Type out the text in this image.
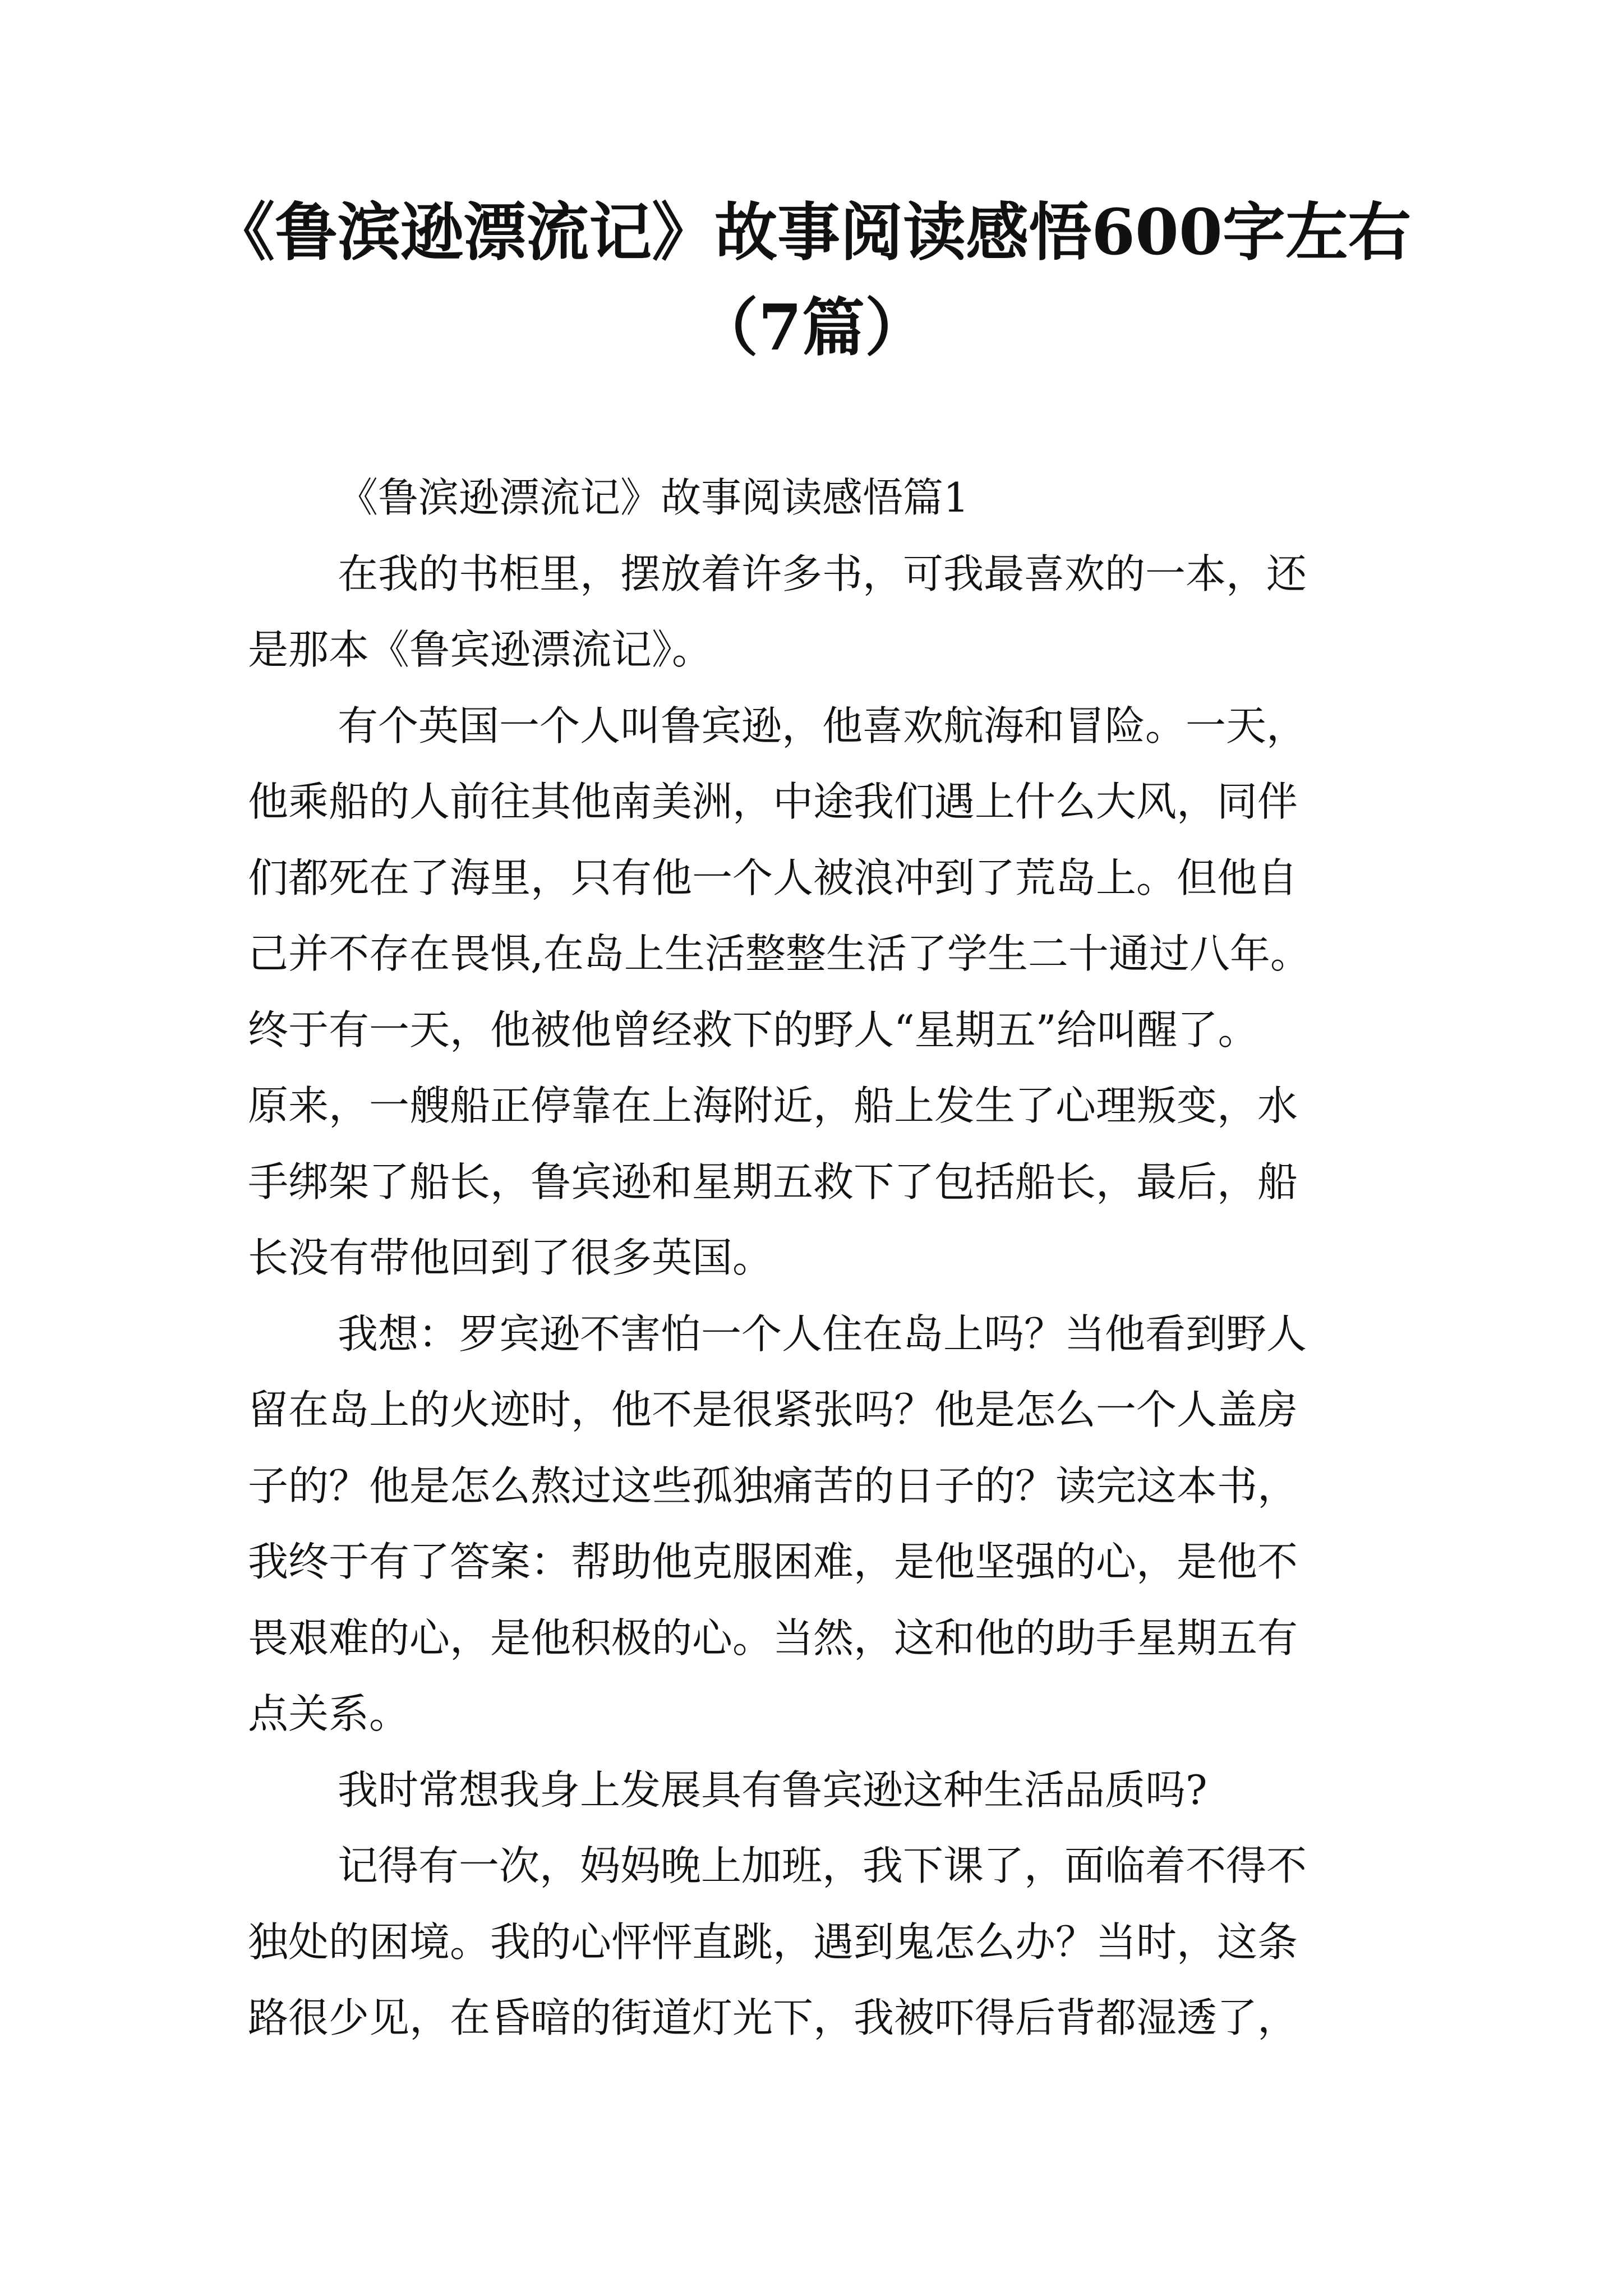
《鲁滨逊漂流记》故事阅读感悟600字左右
（7篇）
《鲁滨逊漂流记》故事阅读感悟篇1
在我的书柜里，摆放着许多书，可我最喜欢的一本，还
是那本《鲁宾逊漂流记》。
有个英国一个人叫鲁宾逊，他喜欢航海和冒险。一天，
他乘船的人前往其他南美洲，中途我们遇上什么大风，同伴
们都死在了海里，只有他一个人被浪冲到了荒岛上。但他自
己并不存在畏惧,在岛上生活整整生活了学生二十通过八年。
终于有一天，他被他曾经救下的野人“星期五”给叫醒了。
原来，一艘船正停靠在上海附近，船上发生了心理叛变，水
手绑架了船长，鲁宾逊和星期五救下了包括船长，最后，船
长没有带他回到了很多英国。
我想：罗宾逊不害怕一个人住在岛上吗？当他看到野人
留在岛上的火迹时，他不是很紧张吗？他是怎么一个人盖房
子的？他是怎么熬过这些孤独痛苦的日子的？读完这本书，
我终于有了答案：帮助他克服困难，是他坚强的心，是他不
畏艰难的心，是他积极的心。当然，这和他的助手星期五有
点关系。
我时常想我身上发展具有鲁宾逊这种生活品质吗?
记得有一次，妈妈晚上加班，我下课了，面临着不得不
独处的困境。我的心怦怦直跳，遇到鬼怎么办？当时，这条
路很少见，在昏暗的街道灯光下，我被吓得后背都湿透了，
